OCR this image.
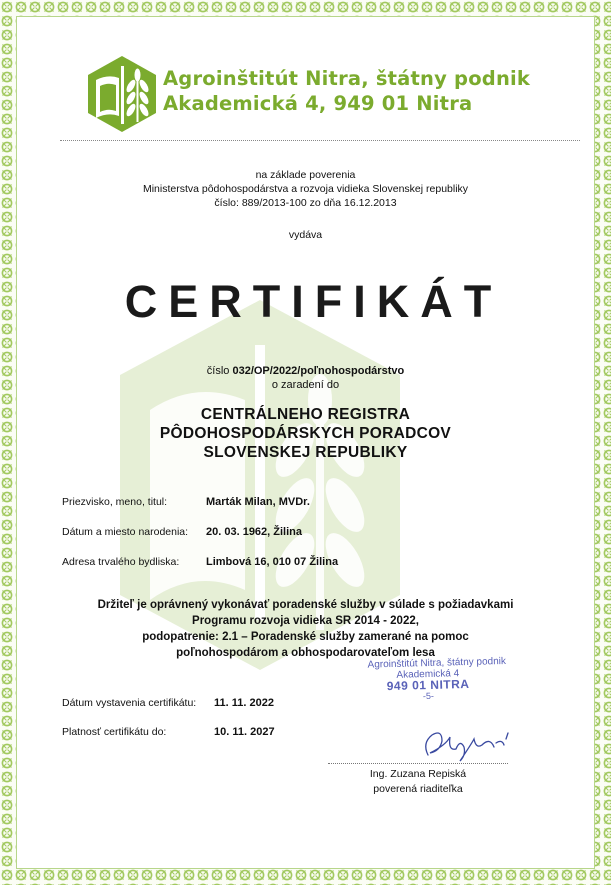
Agroinštitút Nitra, štátny podnik
Akademická 4, 949 01 Nitra
na základe poverenia
Ministerstva pôdohospodárstva a rozvoja vidieka Slovenskej republiky
číslo: 889/2013-100 zo dňa 16.12.2013
vydáva
CERTIFIKÁT
číslo 032/OP/2022/poľnohospodárstvo
o zaradení do
CENTRÁLNEHO REGISTRA
PÔDOHOSPODÁRSKYCH PORADCOV
SLOVENSKEJ REPUBLIKY
Priezvisko, meno, titul:	Marták Milan, MVDr.
Dátum a miesto narodenia: 20. 03. 1962, Žilina
Adresa trvalého bydliska: Limbová 16, 010 07 Žilina
Držiteľ je oprávnený vykonávať poradenské služby v súlade s požiadavkami
Programu rozvoja vidieka SR 2014 - 2022,
podopatrenie: 2.1 – Poradenské služby zamerané na pomoc
poľnohospodárom a obhospodarovateľom lesa
Agroinštitút Nitra, štátny podnik
Akademická 4
949 01 NITRA
-5-
Dátum vystavenia certifikátu: 11. 11. 2022
Platnosť certifikátu do:	10. 11. 2027
Ing. Zuzana Repiská
poverená riaditeľka
